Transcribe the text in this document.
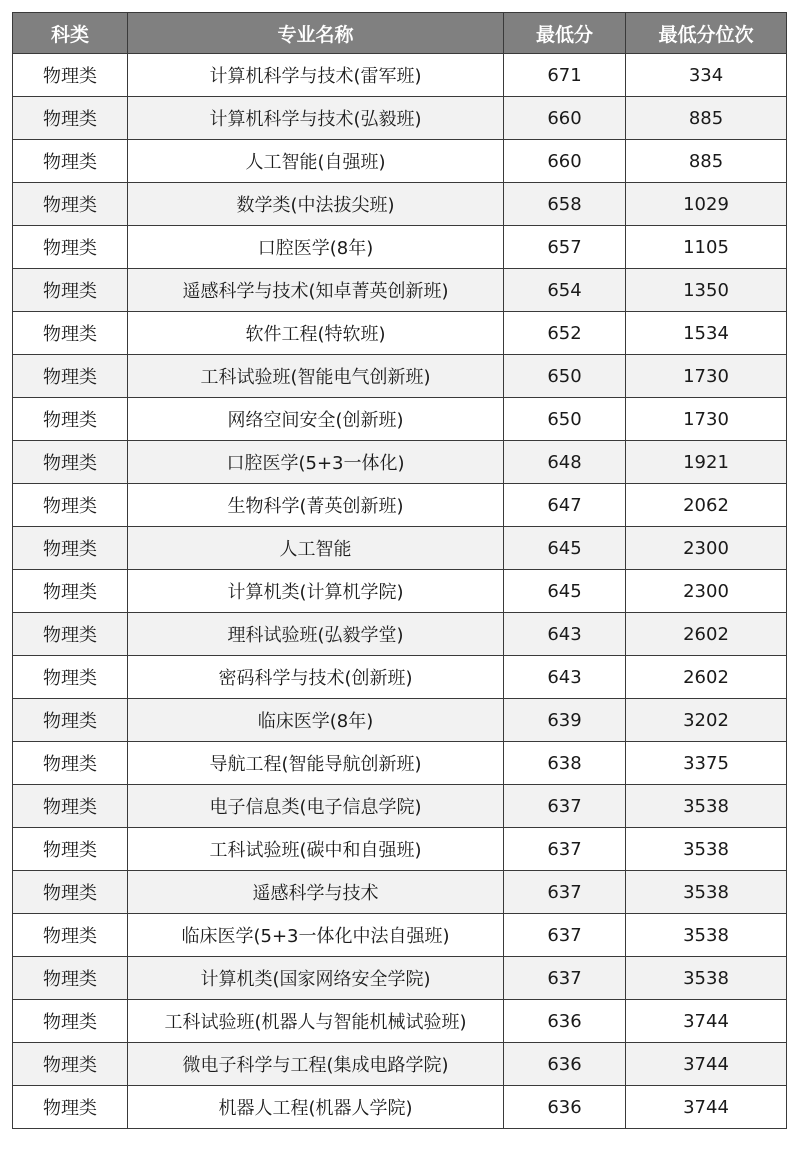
科类	专业名称	最低分	最低分位次
物理类	计算机科学与技术(雷军班)	671	334
物理类	计算机科学与技术(弘毅班)	660	885
物理类	人工智能(自强班)	660	885
物理类	数学类(中法拔尖班)	658	1029
物理类	口腔医学(8年)	657	1105
物理类	遥感科学与技术(知卓菁英创新班)	654	1350
物理类	软件工程(特软班)	652	1534
物理类	工科试验班(智能电气创新班)	650	1730
物理类	网络空间安全(创新班)	650	1730
物理类	口腔医学(5+3一体化)	648	1921
物理类	生物科学(菁英创新班)	647	2062
物理类	人工智能	645	2300
物理类	计算机类(计算机学院)	645	2300
物理类	理科试验班(弘毅学堂)	643	2602
物理类	密码科学与技术(创新班)	643	2602
物理类	临床医学(8年)	639	3202
物理类	导航工程(智能导航创新班)	638	3375
物理类	电子信息类(电子信息学院)	637	3538
物理类	工科试验班(碳中和自强班)	637	3538
物理类	遥感科学与技术	637	3538
物理类	临床医学(5+3一体化中法自强班)	637	3538
物理类	计算机类(国家网络安全学院)	637	3538
物理类	工科试验班(机器人与智能机械试验班)	636	3744
物理类	微电子科学与工程(集成电路学院)	636	3744
物理类	机器人工程(机器人学院)	636	3744
